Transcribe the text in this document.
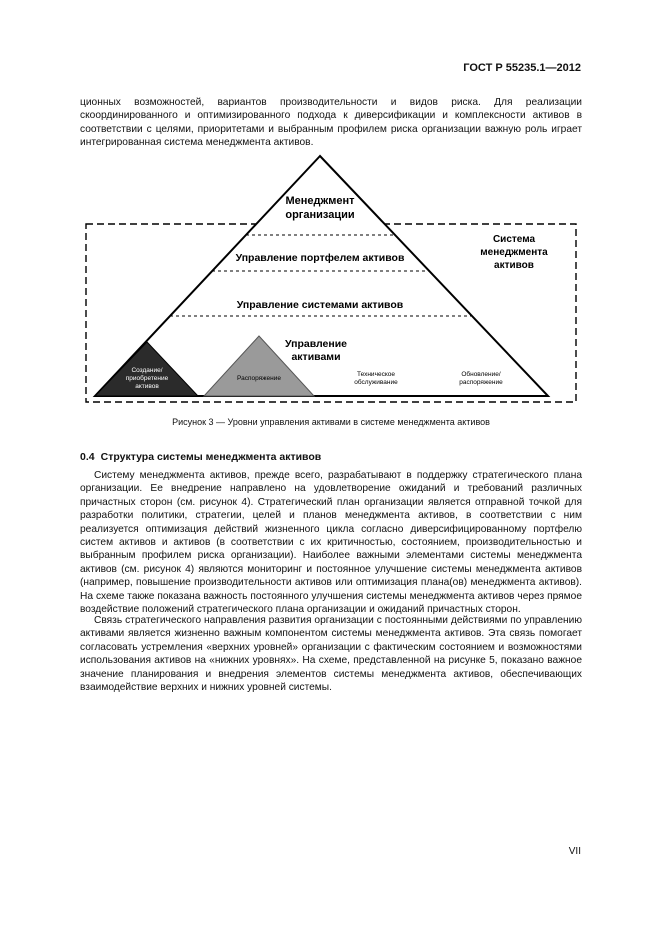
ГОСТ Р 55235.1—2012

ционных возможностей, вариантов производительности и видов риска. Для реализации скоординированного и оптимизированного подхода к диверсификации и комплексности активов в соответствии с целями, приоритетами и выбранным профилем риска организации важную роль играет интегрированная система менеджмента активов.

Менеджмент
организации
Управление портфелем активов
Управление системами активов
Управление
активами
Система
менеджмента
активов
Создание/
приобретение
активов
Распоряжение
Техническое
обслуживание
Обновление/
распоряжение
Рисунок 3 — Уровни управления активами в системе менеджмента активов
0.4 Структура системы менеджмента активов

Систему менеджмента активов, прежде всего, разрабатывают в поддержку стратегического плана организации. Ее внедрение направлено на удовлетворение ожиданий и требований различных причастных сторон (см. рисунок 4). Стратегический план организации является отправной точкой для разработки политики, стратегии, целей и планов менеджмента активов, в соответствии с ним реализуется оптимизация действий жизненного цикла согласно диверсифицированному портфелю систем активов и активов (в соответствии с их критичностью, состоянием, производительностью и выбранным профилем риска организации). Наиболее важными элементами системы менеджмента активов (см. рисунок 4) являются мониторинг и постоянное улучшение системы менеджмента активов (например, повышение производительности активов или оптимизация плана(ов) менеджмента активов). На схеме также показана важность постоянного улучшения системы менеджмента активов через прямое воздействие положений стратегического плана организации и ожиданий причастных сторон.

Связь стратегического направления развития организации с постоянными действиями по управлению активами является жизненно важным компонентом системы менеджмента активов. Эта связь помогает согласовать устремления «верхних уровней» организации с фактическим состоянием и возможностями использования активов на «нижних уровнях». На схеме, представленной на рисунке 5, показано важное значение планирования и внедрения элементов системы менеджмента активов, обеспечивающих взаимодействие верхних и нижних уровней системы.

VII
